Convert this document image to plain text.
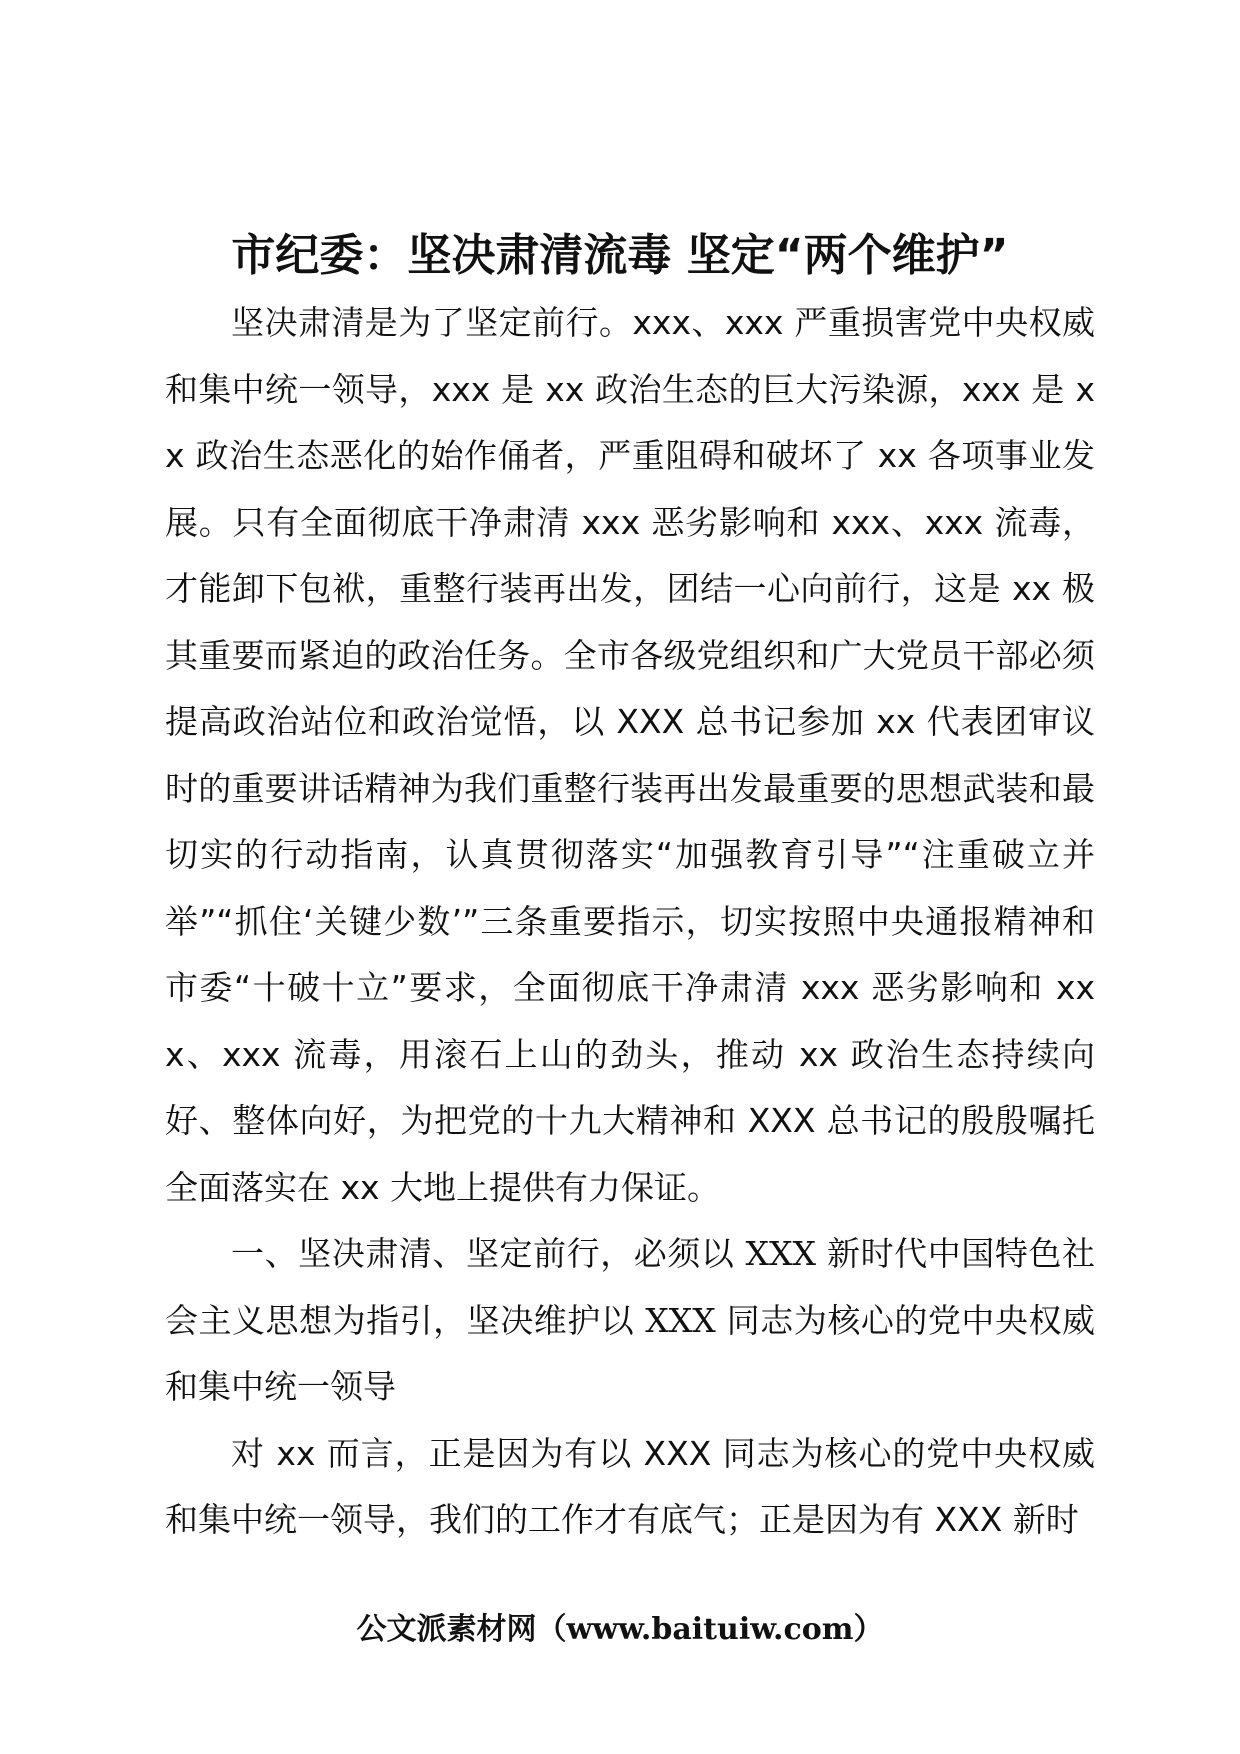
市纪委：坚决肃清流毒 坚定“两个维护”

坚决肃清是为了坚定前行。xxx、xxx 严重损害党中央权威和集中统一领导，xxx 是 xx 政治生态的巨大污染源，xxx 是 xx 政治生态恶化的始作俑者，严重阻碍和破坏了 xx 各项事业发展。只有全面彻底干净肃清 xxx 恶劣影响和 xxx、xxx 流毒，才能卸下包袱，重整行装再出发，团结一心向前行，这是 xx 极其重要而紧迫的政治任务。全市各级党组织和广大党员干部必须提高政治站位和政治觉悟，以 XXX 总书记参加 xx 代表团审议时的重要讲话精神为我们重整行装再出发最重要的思想武装和最切实的行动指南，认真贯彻落实“加强教育引导”“注重破立并举”“抓住‘关键少数’”三条重要指示，切实按照中央通报精神和市委“十破十立”要求，全面彻底干净肃清 xxx 恶劣影响和 xxx、xxx 流毒，用滚石上山的劲头，推动 xx 政治生态持续向好、整体向好，为把党的十九大精神和 XXX 总书记的殷殷嘱托全面落实在 xx 大地上提供有力保证。

一、坚决肃清、坚定前行，必须以 XXX 新时代中国特色社会主义思想为指引，坚决维护以 XXX 同志为核心的党中央权威和集中统一领导

对 xx 而言，正是因为有以 XXX 同志为核心的党中央权威和集中统一领导，我们的工作才有底气；正是因为有 XXX 新时

公文派素材网（www.baituiw.com）
